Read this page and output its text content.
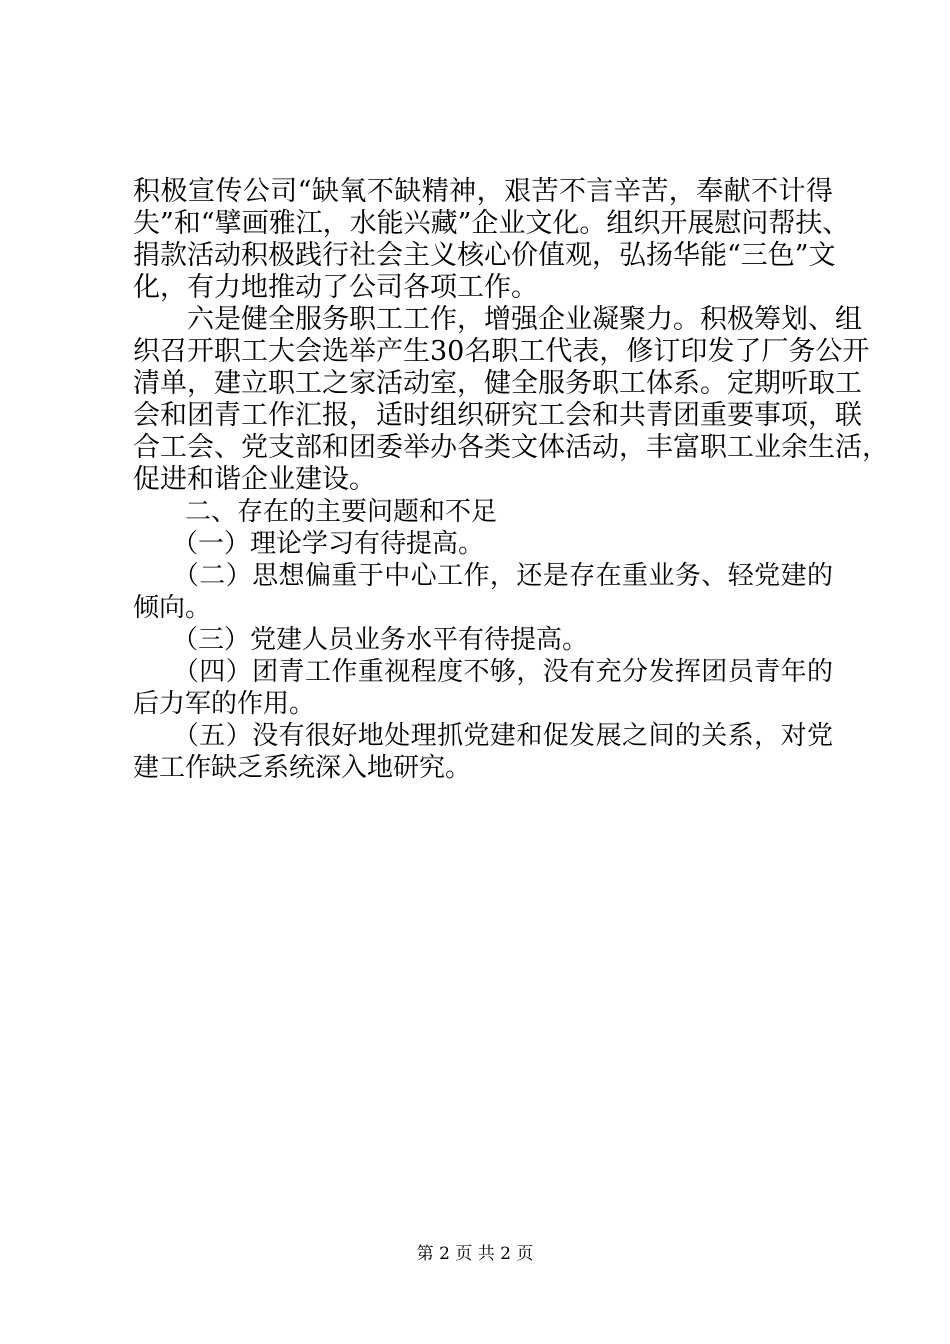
积极宣传公司“缺氧不缺精神，艰苦不言辛苦，奉献不计得
失”和“擘画雅江，水能兴藏”企业文化。组织开展慰问帮扶、
捐款活动积极践行社会主义核心价值观，弘扬华能“三色”文
化，有力地推动了公司各项工作。
　　六是健全服务职工工作，增强企业凝聚力。积极筹划、组
织召开职工大会选举产生30名职工代表，修订印发了厂务公开
清单，建立职工之家活动室，健全服务职工体系。定期听取工
会和团青工作汇报，适时组织研究工会和共青团重要事项，联
合工会、党支部和团委举办各类文体活动，丰富职工业余生活，
促进和谐企业建设。
　　二、存在的主要问题和不足
　　（一）理论学习有待提高。
　　（二）思想偏重于中心工作，还是存在重业务、轻党建的
倾向。
　　（三）党建人员业务水平有待提高。
　　（四）团青工作重视程度不够，没有充分发挥团员青年的
后力军的作用。
　　（五）没有很好地处理抓党建和促发展之间的关系，对党
建工作缺乏系统深入地研究。
第 2 页 共 2 页
